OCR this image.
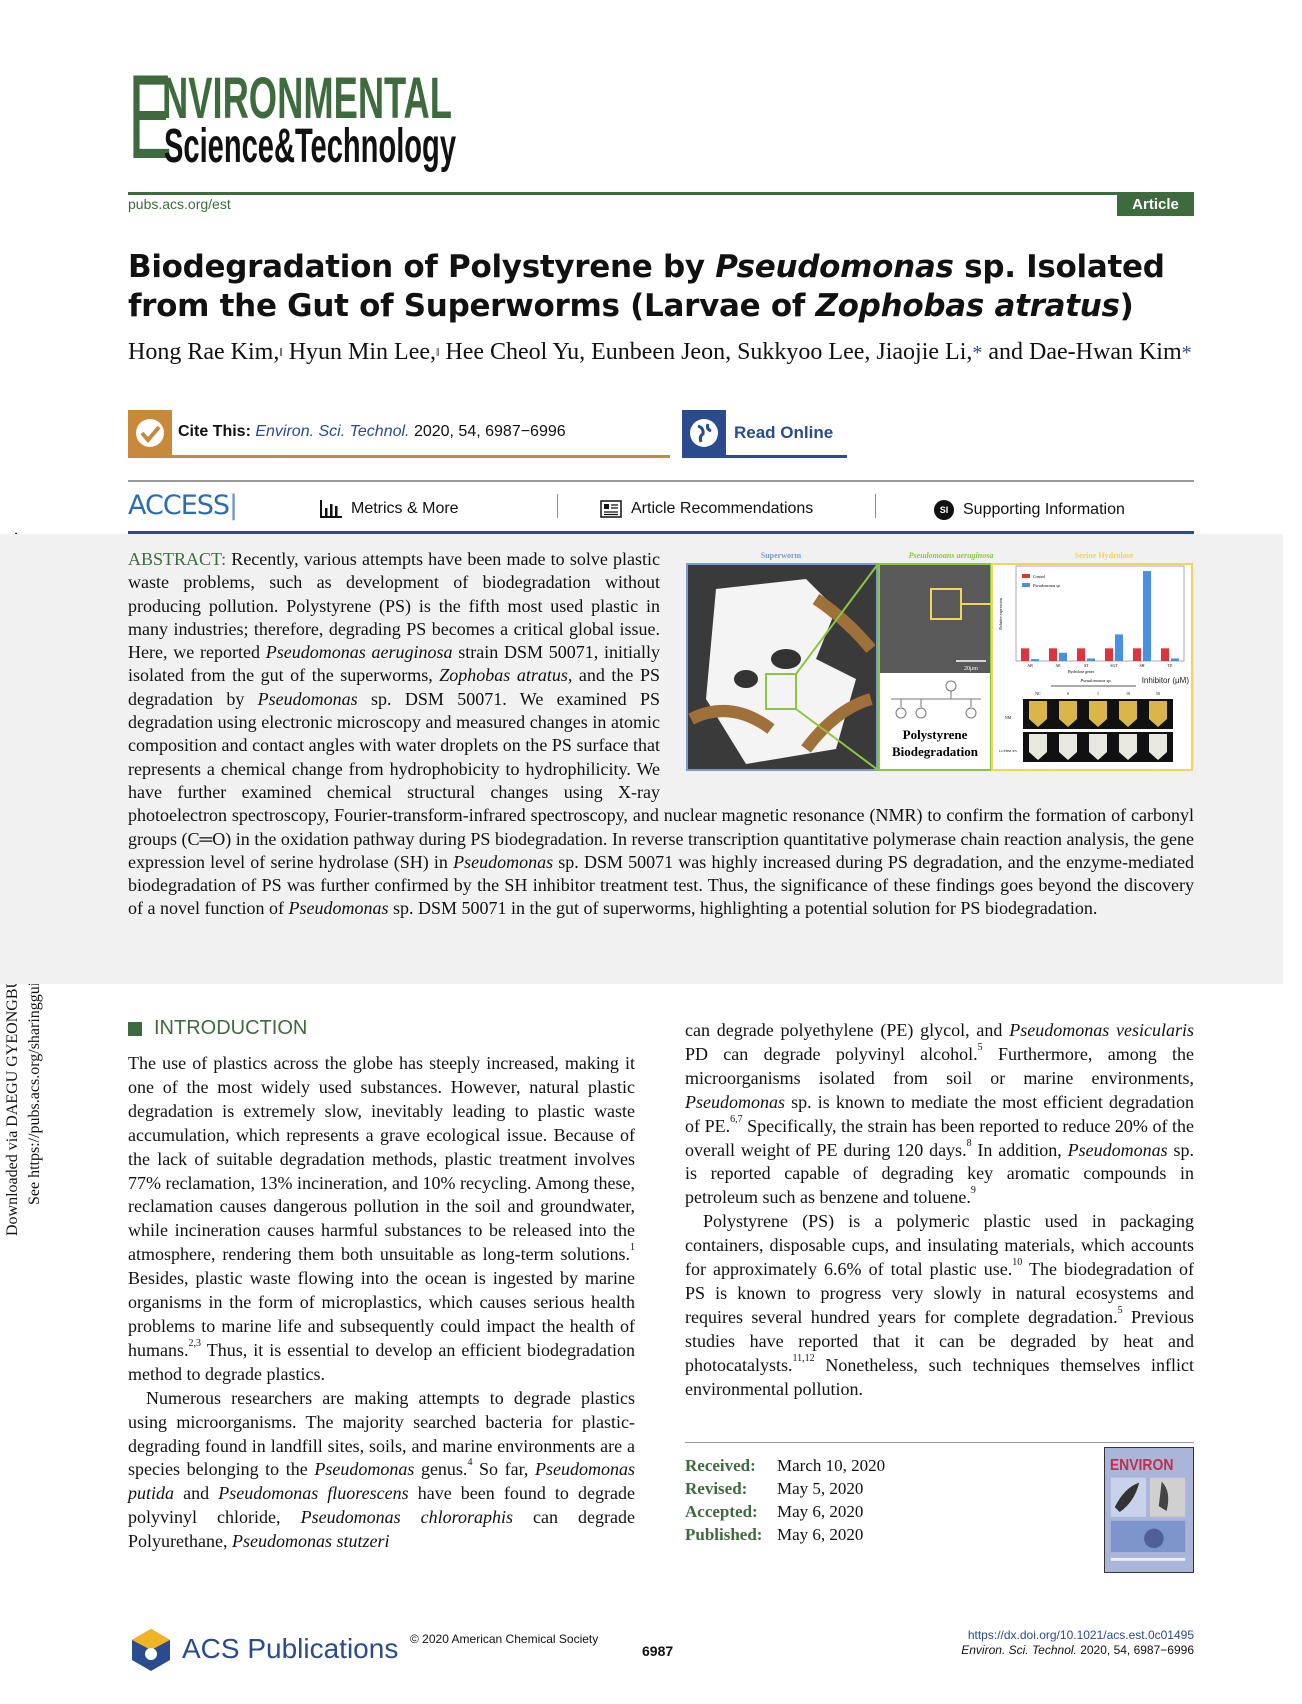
E
NVIRONMENTAL
Science&Technology
pubs.acs.org/est	Article
Biodegradation of Polystyrene by Pseudomonas sp. Isolated from the Gut of Superworms (Larvae of Zophobas atratus)
Hong Rae Kim,‖ Hyun Min Lee,‖ Hee Cheol Yu, Eunbeen Jeon, Sukkyoo Lee, Jiaojie Li,* and Dae-Hwan Kim*
Cite This: Environ. Sci. Technol. 2020, 54, 6987−6996	Read Online
ACCESS|	Metrics & More	Article Recommendations	SI Supporting Information
ABSTRACT: Recently, various attempts have been made to solve plastic waste problems, such as development of biodegradation without producing pollution. Polystyrene (PS) is the fifth most used plastic in many industries; therefore, degrading PS becomes a critical global issue. Here, we reported Pseudomonas aeruginosa strain DSM 50071, initially isolated from the gut of the superworms, Zophobas atratus, and the PS degradation by Pseudomonas sp. DSM 50071. We examined PS degradation using electronic microscopy and measured changes in atomic composition and contact angles with water droplets on the PS surface that represents a chemical change from hydrophobicity to hydrophilicity. We have further examined chemical structural changes using X-ray photoelectron spectroscopy, Fourier-transform-infrared spectroscopy, and nuclear magnetic resonance (NMR) to confirm the formation of carbonyl groups (C═O) in the oxidation pathway during PS biodegradation. In reverse transcription quantitative polymerase chain reaction analysis, the gene expression level of serine hydrolase (SH) in Pseudomonas sp. DSM 50071 was highly increased during PS degradation, and the enzyme-mediated biodegradation of PS was further confirmed by the SH inhibitor treatment test. Thus, the significance of these findings goes beyond the discovery of a novel function of Pseudomonas sp. DSM 50071 in the gut of superworms, highlighting a potential solution for PS biodegradation.
Superworm	Pseudomoans aeruginosa
20μm
Polystyrene
Biodegradation
Serine Hydrolase
Relative expression
Control
Pseudomonas sp.
AB	AE	AT	SGT	SH	TE
Hydrolase genes
Pseudomonas sp.	Inhibitor (μM)
NC	0	1	10	50
NM
LCFBM /PS
INTRODUCTION

The use of plastics across the globe has steeply increased, making it one of the most widely used substances. However, natural plastic degradation is extremely slow, inevitably leading to plastic waste accumulation, which represents a grave ecological issue. Because of the lack of suitable degradation methods, plastic treatment involves 77% reclamation, 13% incineration, and 10% recycling. Among these, reclamation causes dangerous pollution in the soil and groundwater, while incineration causes harmful substances to be released into the atmosphere, rendering them both unsuitable as long-term solutions.$^1$ Besides, plastic waste flowing into the ocean is ingested by marine organisms in the form of microplastics, which causes serious health problems to marine life and subsequently could impact the health of humans.$^{2,3}$ Thus, it is essential to develop an efficient biodegradation method to degrade plastics.

Numerous researchers are making attempts to degrade plastics using microorganisms. The majority searched bacteria for plastic-degrading found in landfill sites, soils, and marine environments are a species belonging to the Pseudomonas genus.$^4$ So far, Pseudomonas putida and Pseudomonas fluorescens have been found to degrade polyvinyl chloride, Pseudomonas chlororaphis can degrade Polyurethane, Pseudomonas stutzeri

can degrade polyethylene (PE) glycol, and Pseudomonas vesicularis PD can degrade polyvinyl alcohol.$^5$ Furthermore, among the microorganisms isolated from soil or marine environments, Pseudomonas sp. is known to mediate the most efficient degradation of PE.$^{6,7}$ Specifically, the strain has been reported to reduce 20% of the overall weight of PE during 120 days.$^8$ In addition, Pseudomonas sp. is reported capable of degrading key aromatic compounds in petroleum such as benzene and toluene.$^9$

Polystyrene (PS) is a polymeric plastic used in packaging containers, disposable cups, and insulating materials, which accounts for approximately 6.6% of total plastic use.$^{10}$ The biodegradation of PS is known to progress very slowly in natural ecosystems and requires several hundred years for complete degradation.$^5$ Previous studies have reported that it can be degraded by heat and photocatalysts.$^{11,12}$ Nonetheless, such techniques themselves inflict environmental pollution.

Received:	March 10, 2020
Revised:	May 5, 2020
Accepted:	May 6, 2020
Published: May 6, 2020
ENVIRON
ACS Publications © 2020 American Chemical Society
6987
https://dx.doi.org/10.1021/acs.est.0c01495
Environ. Sci. Technol. 2020, 54, 6987−6996
